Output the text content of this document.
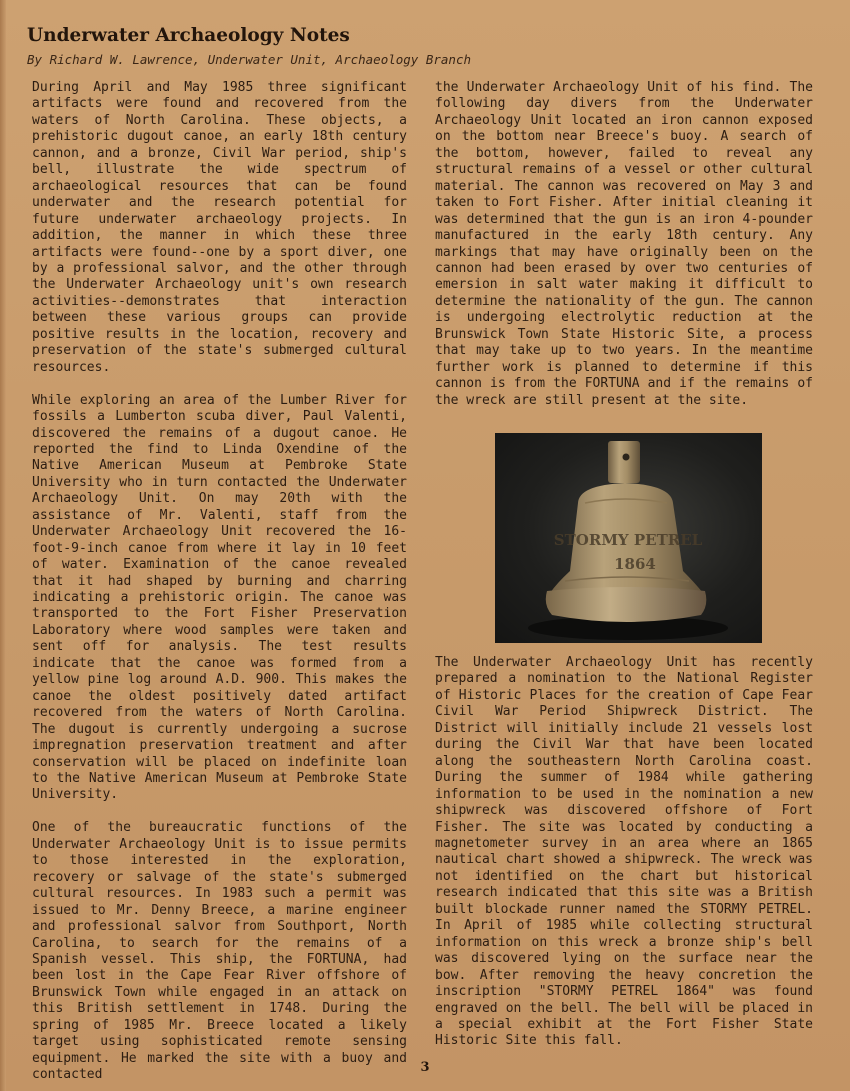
Underwater Archaeology Notes
By Richard W. Lawrence, Underwater Unit, Archaeology Branch

During April and May 1985 three significant artifacts were found and recovered from the waters of North Carolina. These objects, a prehistoric dugout canoe, an early 18th century cannon, and a bronze, Civil War period, ship's bell, illustrate the wide spectrum of archaeological resources that can be found underwater and the research potential for future underwater archaeology projects. In addition, the manner in which these three artifacts were found--one by a sport diver, one by a professional salvor, and the other through the Underwater Archaeology unit's own research activities--demonstrates that interaction between these various groups can provide positive results in the location, recovery and preservation of the state's submerged cultural resources.

While exploring an area of the Lumber River for fossils a Lumberton scuba diver, Paul Valenti, discovered the remains of a dugout canoe. He reported the find to Linda Oxendine of the Native American Museum at Pembroke State University who in turn contacted the Underwater Archaeology Unit. On may 20th with the assistance of Mr. Valenti, staff from the Underwater Archaeology Unit recovered the 16-foot-9-inch canoe from where it lay in 10 feet of water. Examination of the canoe revealed that it had shaped by burning and charring indicating a prehistoric origin. The canoe was transported to the Fort Fisher Preservation Laboratory where wood samples were taken and sent off for analysis. The test results indicate that the canoe was formed from a yellow pine log around A.D. 900. This makes the canoe the oldest positively dated artifact recovered from the waters of North Carolina. The dugout is currently undergoing a sucrose impregnation preservation treatment and after conservation will be placed on indefinite loan to the Native American Museum at Pembroke State University.

One of the bureaucratic functions of the Underwater Archaeology Unit is to issue permits to those interested in the exploration, recovery or salvage of the state's submerged cultural resources. In 1983 such a permit was issued to Mr. Denny Breece, a marine engineer and professional salvor from Southport, North Carolina, to search for the remains of a Spanish vessel. This ship, the FORTUNA, had been lost in the Cape Fear River offshore of Brunswick Town while engaged in an attack on this British settlement in 1748. During the spring of 1985 Mr. Breece located a likely target using sophisticated remote sensing equipment. He marked the site with a buoy and contacted

the Underwater Archaeology Unit of his find. The following day divers from the Underwater Archaeology Unit located an iron cannon exposed on the bottom near Breece's buoy. A search of the bottom, however, failed to reveal any structural remains of a vessel or other cultural material. The cannon was recovered on May 3 and taken to Fort Fisher. After initial cleaning it was determined that the gun is an iron 4-pounder manufactured in the early 18th century. Any markings that may have originally been on the cannon had been erased by over two centuries of emersion in salt water making it difficult to determine the nationality of the gun. The cannon is undergoing electrolytic reduction at the Brunswick Town State Historic Site, a process that may take up to two years. In the meantime further work is planned to determine if this cannon is from the FORTUNA and if the remains of the wreck are still present at the site.

STORMY PETREL
1864

The Underwater Archaeology Unit has recently prepared a nomination to the National Register of Historic Places for the creation of Cape Fear Civil War Period Shipwreck District. The District will initially include 21 vessels lost during the Civil War that have been located along the southeastern North Carolina coast. During the summer of 1984 while gathering information to be used in the nomination a new shipwreck was discovered offshore of Fort Fisher. The site was located by conducting a magnetometer survey in an area where an 1865 nautical chart showed a shipwreck. The wreck was not identified on the chart but historical research indicated that this site was a British built blockade runner named the STORMY PETREL. In April of 1985 while collecting structural information on this wreck a bronze ship's bell was discovered lying on the surface near the bow. After removing the heavy concretion the inscription "STORMY PETREL 1864" was found engraved on the bell. The bell will be placed in a special exhibit at the Fort Fisher State Historic Site this fall.

3
